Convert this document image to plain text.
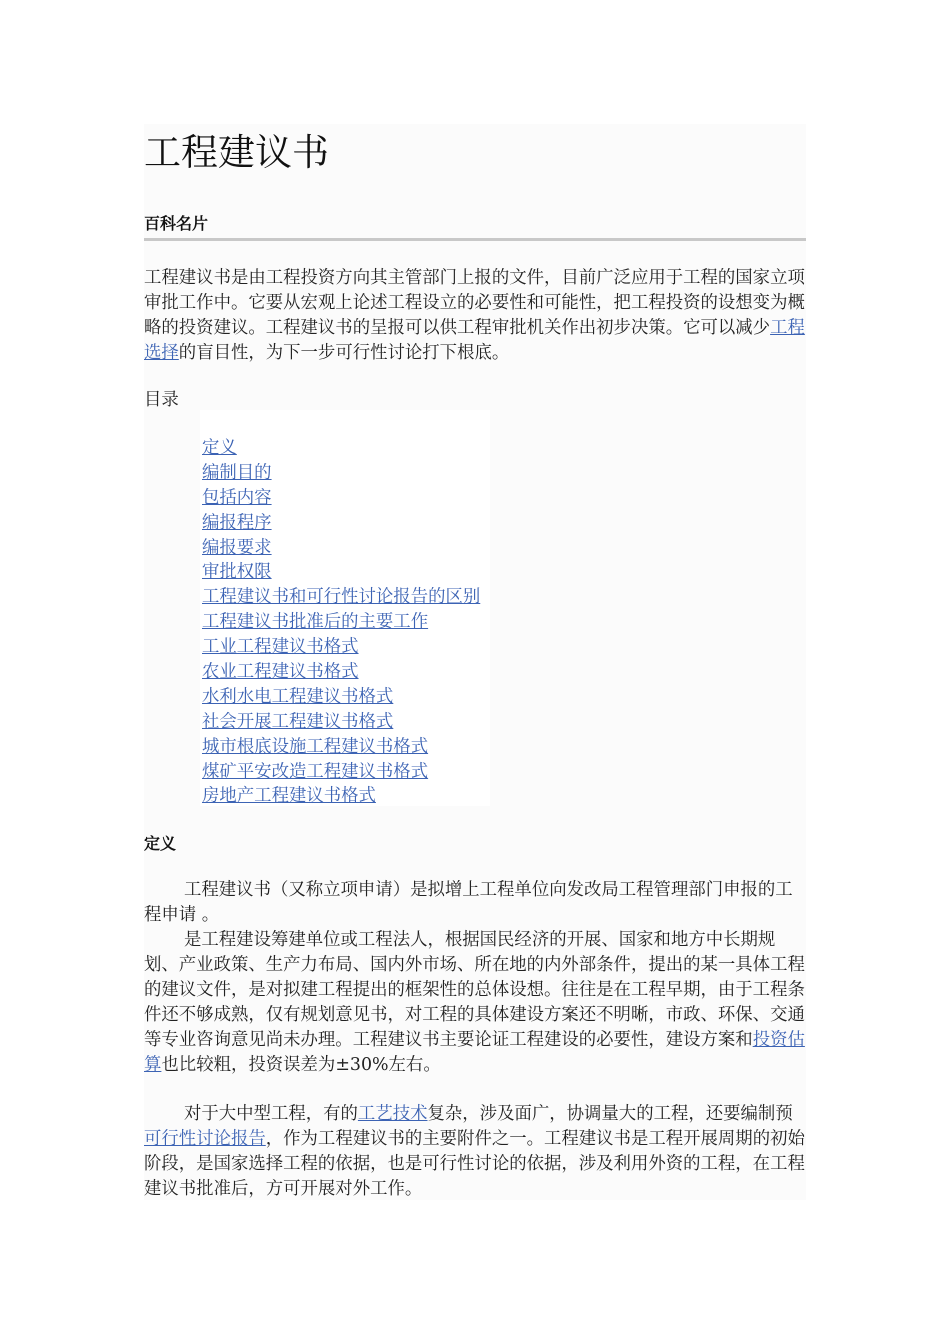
工程建议书
百科名片

工程建议书是由工程投资方向其主管部门上报的文件，目前广泛应用于工程的国家立项审批工作中。它要从宏观上论述工程设立的必要性和可能性，把工程投资的设想变为概略的投资建议。工程建议书的呈报可以供工程审批机关作出初步决策。它可以减少工程选择的盲目性，为下一步可行性讨论打下根底。

目录
定义
编制目的
包括内容
编报程序
编报要求
审批权限
工程建议书和可行性讨论报告的区别
工程建议书批准后的主要工作
工业工程建议书格式
农业工程建议书格式
水利水电工程建议书格式
社会开展工程建议书格式
城市根底设施工程建议书格式
煤矿平安改造工程建议书格式
房地产工程建议书格式
定义

工程建议书（又称立项申请）是拟增上工程单位向发改局工程管理部门申报的工程申请 。

是工程建设筹建单位或工程法人，根据国民经济的开展、国家和地方中长期规划、产业政策、生产力布局、国内外市场、所在地的内外部条件，提出的某一具体工程的建议文件，是对拟建工程提出的框架性的总体设想。往往是在工程早期，由于工程条件还不够成熟，仅有规划意见书，对工程的具体建设方案还不明晰，市政、环保、交通等专业咨询意见尚未办理。工程建议书主要论证工程建设的必要性，建设方案和投资估算也比较粗，投资误差为±30%左右。

对于大中型工程，有的工艺技术复杂，涉及面广，协调量大的工程，还要编制预可行性讨论报告，作为工程建议书的主要附件之一。工程建议书是工程开展周期的初始阶段，是国家选择工程的依据，也是可行性讨论的依据，涉及利用外资的工程，在工程建议书批准后，方可开展对外工作。
